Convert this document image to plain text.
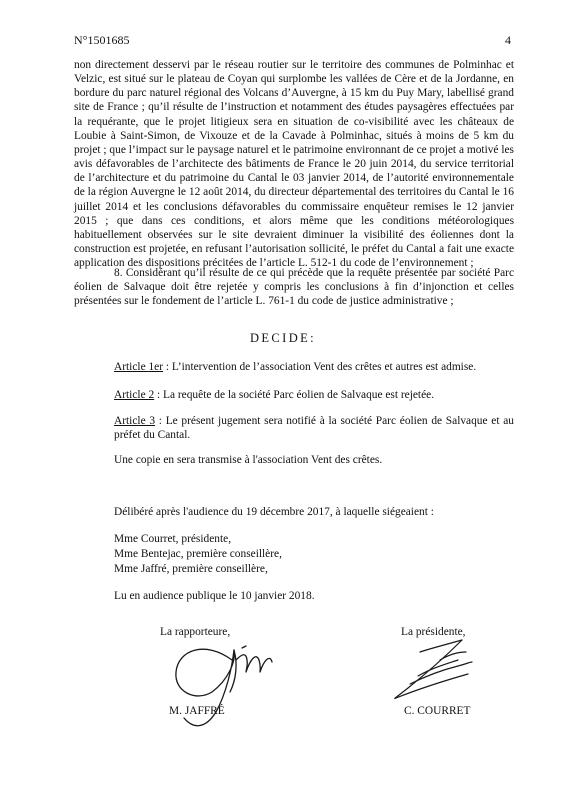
N°1501685	4

non directement desservi par le réseau routier sur le territoire des communes de Polminhac et Velzic, est situé sur le plateau de Coyan qui surplombe les vallées de Cère et de la Jordanne, en bordure du parc naturel régional des Volcans d’Auvergne, à 15 km du Puy Mary, labellisé grand site de France ; qu’il résulte de l’instruction et notamment des études paysagères effectuées par la requérante, que le projet litigieux sera en situation de co-visibilité avec les châteaux de Loubie à Saint-Simon, de Vixouze et de la Cavade à Polminhac, situés à moins de 5 km du projet ; que l’impact sur le paysage naturel et le patrimoine environnant de ce projet a motivé les avis défavorables de l’architecte des bâtiments de France le 20 juin 2014, du service territorial de l’architecture et du patrimoine du Cantal le 03 janvier 2014, de l’autorité environnementale de la région Auvergne le 12 août 2014, du directeur départemental des territoires du Cantal le 16 juillet 2014 et les conclusions défavorables du commissaire enquêteur remises le 12 janvier 2015 ; que dans ces conditions, et alors même que les conditions météorologiques habituellement observées sur le site devraient diminuer la visibilité des éoliennes dont la construction est projetée, en refusant l’autorisation sollicité, le préfet du Cantal a fait une exacte application des dispositions précitées de l’article L. 512-1 du code de l’environnement ;

8. Considérant qu’il résulte de ce qui précède que la requête présentée par société Parc éolien de Salvaque doit être rejetée y compris les conclusions à fin d’injonction et celles présentées sur le fondement de l’article L. 761-1 du code de justice administrative ;

DECIDE:

Article 1er : L’intervention de l’association Vent des crêtes et autres est admise.

Article 2 : La requête de la société Parc éolien de Salvaque est rejetée.

Article 3 : Le présent jugement sera notifié à la société Parc éolien de Salvaque et au préfet du Cantal.

Une copie en sera transmise à l'association Vent des crêtes.

Délibéré après l'audience du 19 décembre 2017, à laquelle siégeaient :

Mme Courret, présidente,

Mme Bentejac, première conseillère,

Mme Jaffré, première conseillère,

Lu en audience publique le 10 janvier 2018.

La rapporteure,	La présidente,

M. JAFFRÉ	C. COURRET
